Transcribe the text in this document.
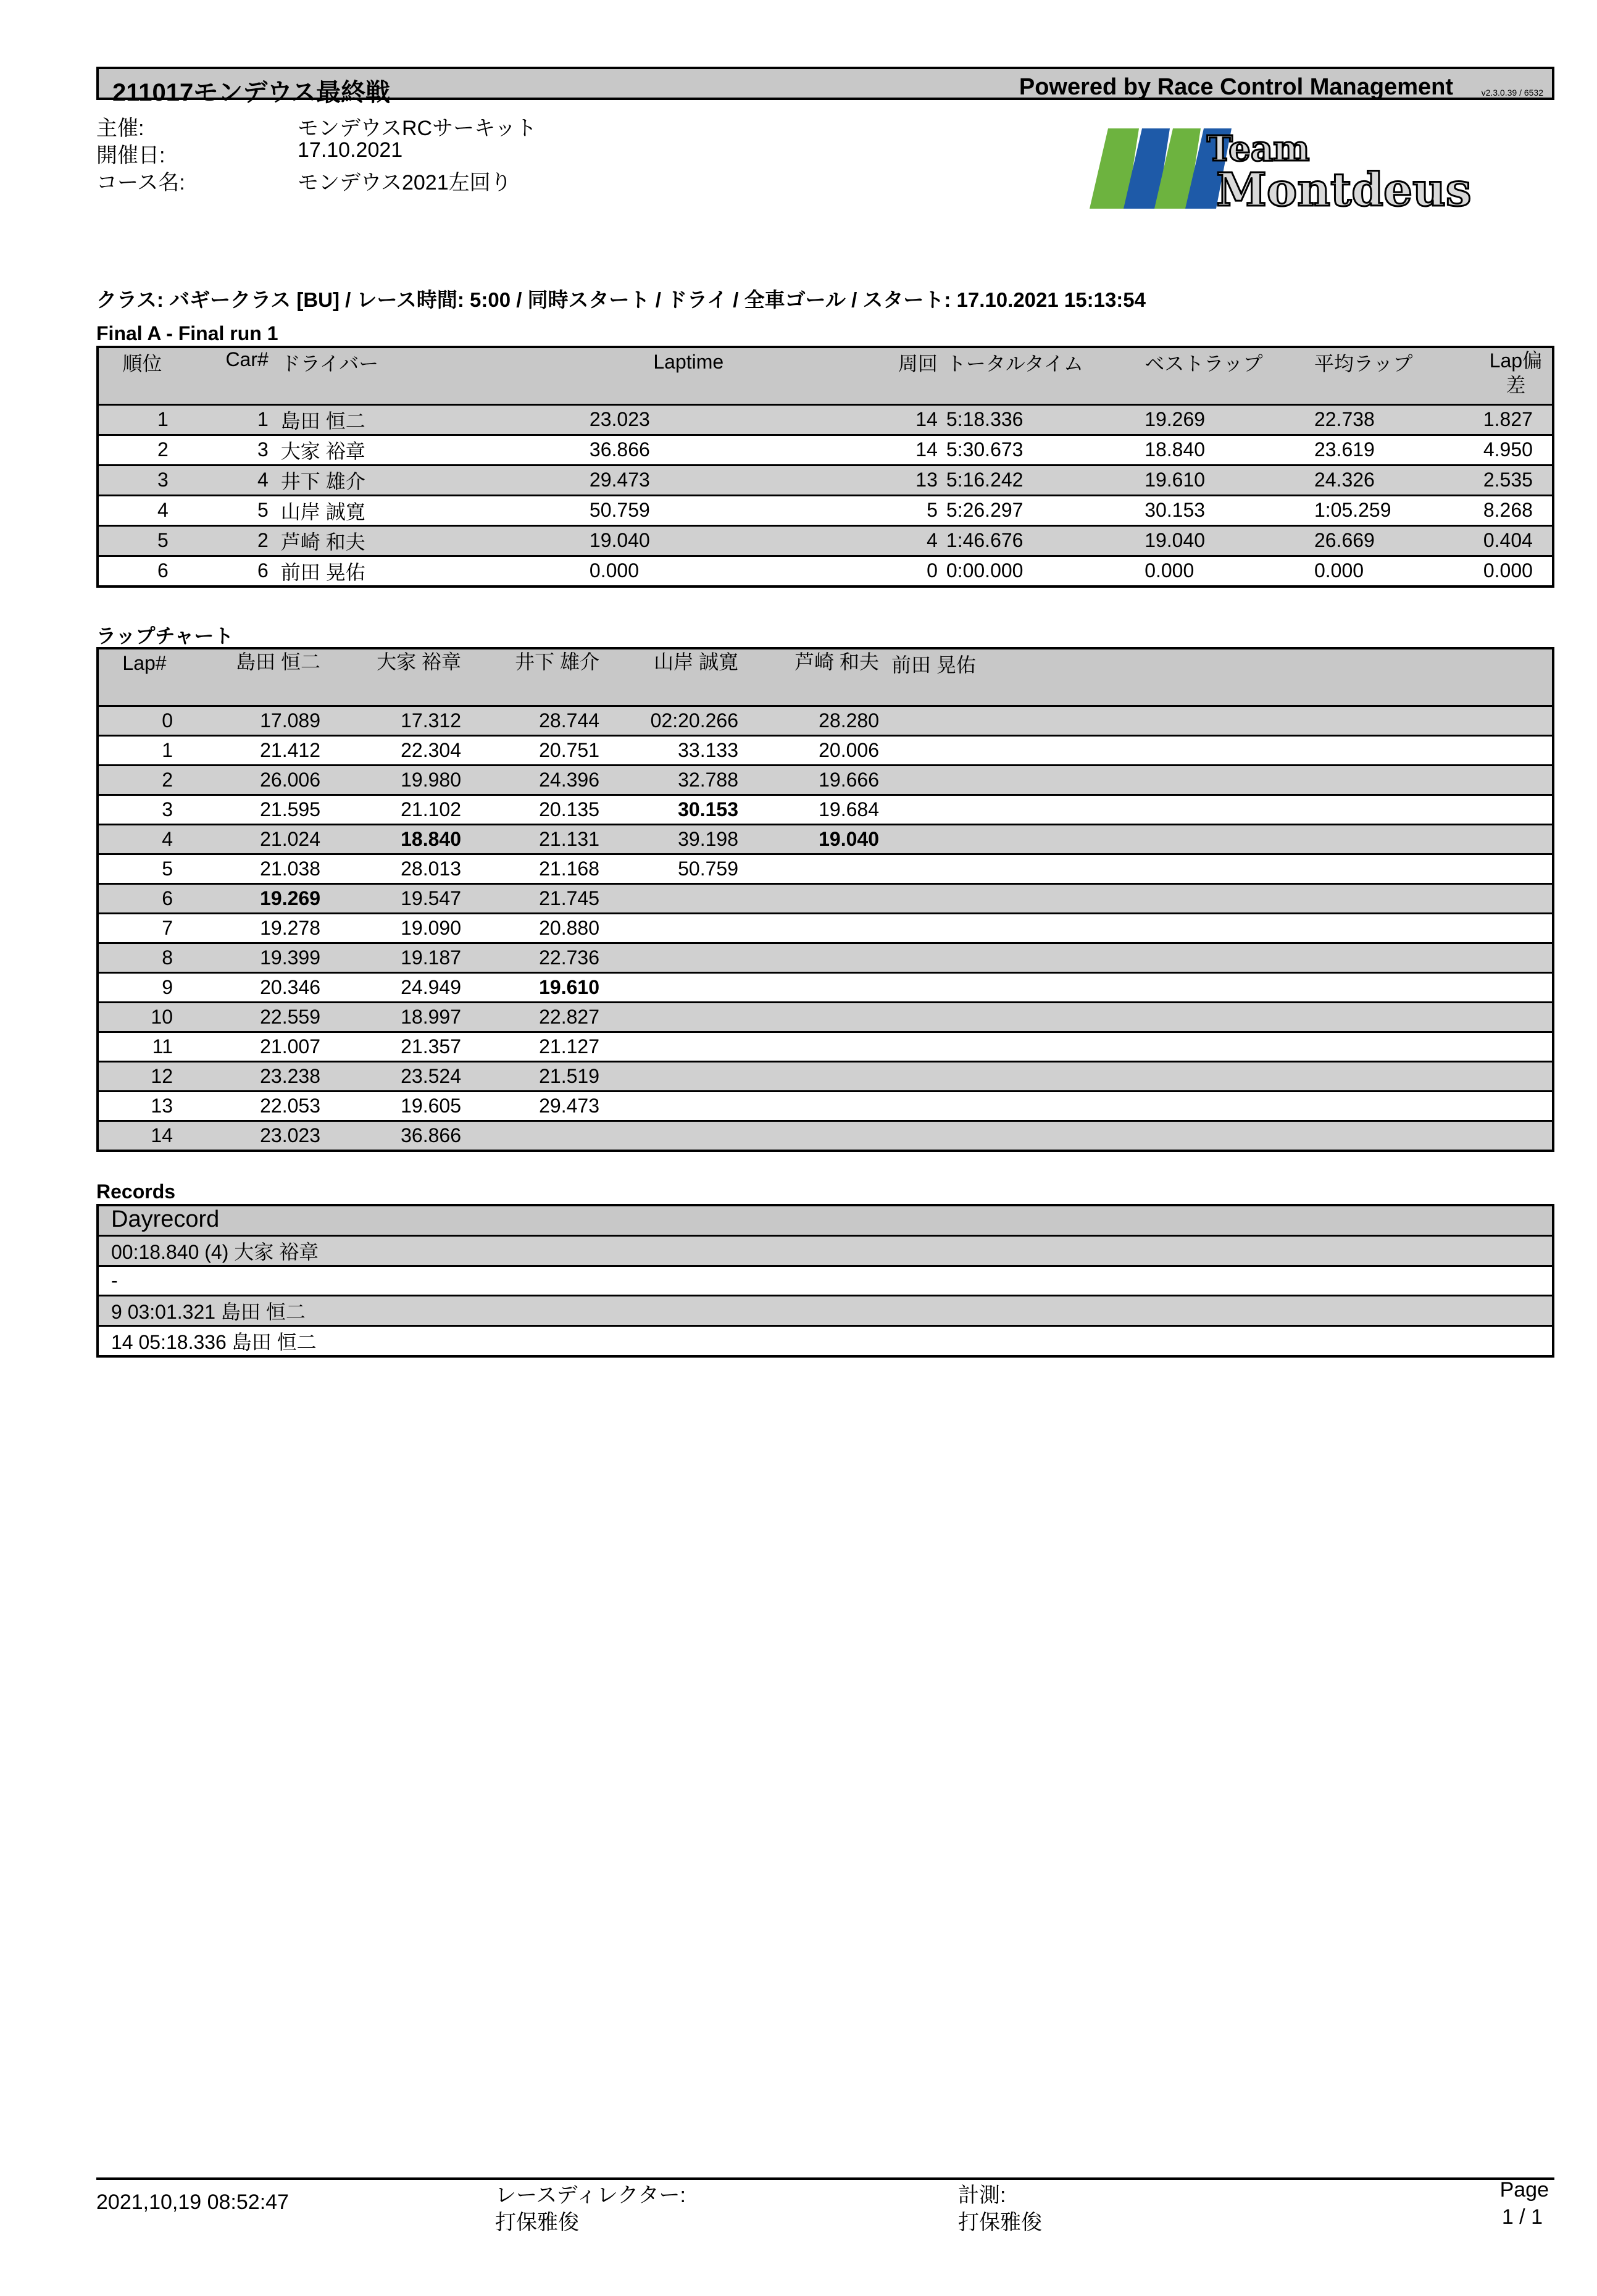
211017モンデウス最終戦	Powered by Race Control Management	v2.3.0.39 / 6532
主催:	モンデウスRCサーキット
開催日:	17.10.2021
コース名:	モンデウス2021左回り
Team
Montdeus
クラス: バギークラス [BU] / レース時間: 5:00 / 同時スタート / ドライ / 全車ゴール / スタート: 17.10.2021 15:13:54
Final A - Final run 1
順位	Car#	ドライバー	Laptime	周回	トータルタイム	ベストラップ	平均ラップ	Lap偏差
1	1	島田 恒二	23.023	14	5:18.336	19.269	22.738	1.827
2	3	大家 裕章	36.866	14	5:30.673	18.840	23.619	4.950
3	4	井下 雄介	29.473	13	5:16.242	19.610	24.326	2.535
4	5	山岸 誠寛	50.759	5	5:26.297	30.153	1:05.259	8.268
5	2	芦崎 和夫	19.040	4	1:46.676	19.040	26.669	0.404
6	6	前田 晃佑	0.000	0	0:00.000	0.000	0.000	0.000
ラップチャート
Lap#	島田 恒二	大家 裕章	井下 雄介	山岸 誠寛	芦崎 和夫	前田 晃佑	
0	17.089	17.312	28.744	02:20.266	28.280		
1	21.412	22.304	20.751	33.133	20.006		
2	26.006	19.980	24.396	32.788	19.666		
3	21.595	21.102	20.135	30.153	19.684		
4	21.024	18.840	21.131	39.198	19.040		
5	21.038	28.013	21.168	50.759			
6	19.269	19.547	21.745				
7	19.278	19.090	20.880				
8	19.399	19.187	22.736				
9	20.346	24.949	19.610				
10	22.559	18.997	22.827				
11	21.007	21.357	21.127				
12	23.238	23.524	21.519				
13	22.053	19.605	29.473				
14	23.023	36.866					
Records
Dayrecord
00:18.840 (4) 大家 裕章
-
9 03:01.321 島田 恒二
14 05:18.336 島田 恒二
2021,10,19 08:52:47	レースディレクター:
打保雅俊
計測:
打保雅俊
Page
1 / 1
